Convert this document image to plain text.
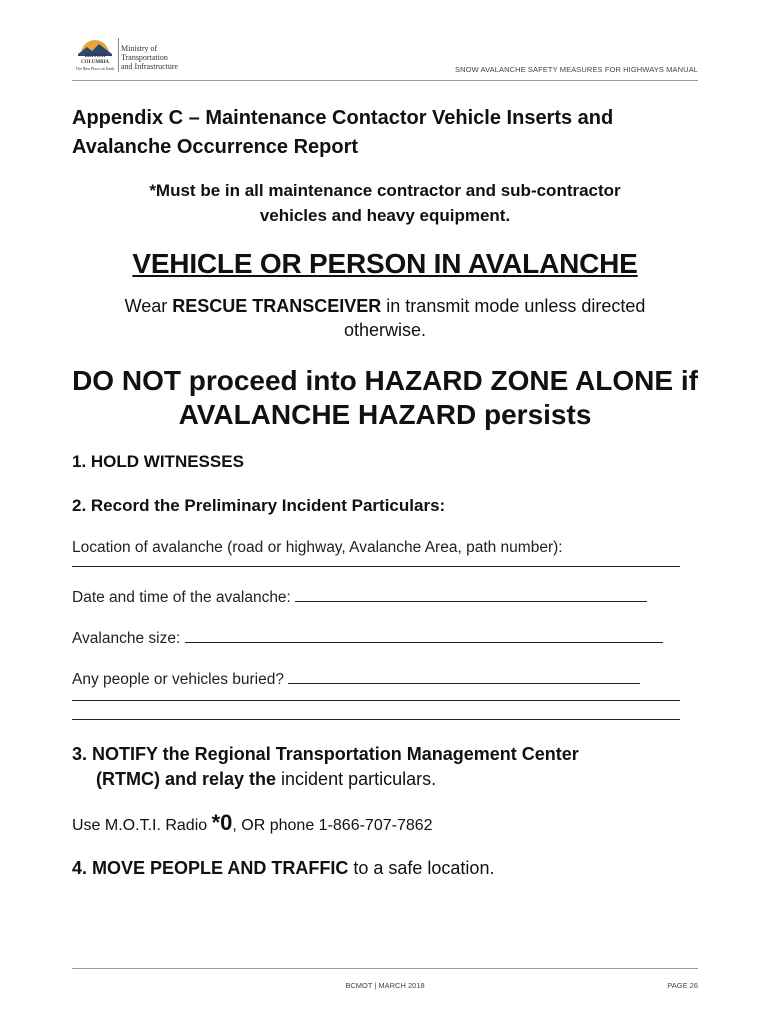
BRITISH
COLUMBIA
The Best Place on Earth
Ministry of
Transportation
and Infrastructure	SNOW AVALANCHE SAFETY MEASURES FOR HIGHWAYS MANUAL
Appendix C – Maintenance Contactor Vehicle Inserts and
Avalanche Occurrence Report
*Must be in all maintenance contractor and sub-contractor
vehicles and heavy equipment.
VEHICLE OR PERSON IN AVALANCHE
Wear RESCUE TRANSCEIVER in transmit mode unless directed
otherwise.
DO NOT proceed into HAZARD ZONE ALONE if
AVALANCHE HAZARD persists
1. HOLD WITNESSES
2. Record the Preliminary Incident Particulars:
Location of avalanche (road or highway, Avalanche Area, path number):
Date and time of the avalanche:
Avalanche size:
Any people or vehicles buried?
3. NOTIFY the Regional Transportation Management Center
(RTMC) and relay the incident particulars.
Use M.O.T.I. Radio *0, OR phone 1-866-707-7862
4. MOVE PEOPLE AND TRAFFIC to a safe location.
BCMOT | MARCH 2018	PAGE 26
